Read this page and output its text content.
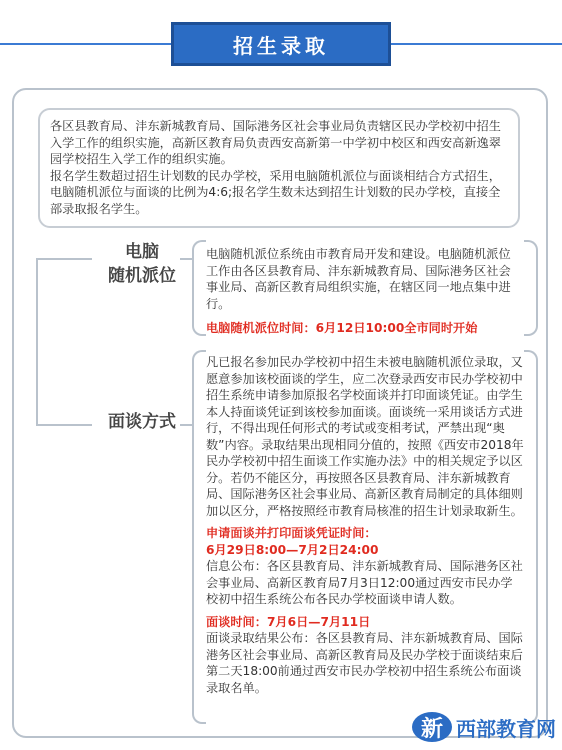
招生录取

各区县教育局、沣东新城教育局、国际港务区社会事业局负责辖区民办学校初中招生入学工作的组织实施，高新区教育局负责西安高新第一中学初中校区和西安高新逸翠园学校招生入学工作的组织实施。

报名学生数超过招生计划数的民办学校，采用电脑随机派位与面谈相结合方式招生，电脑随机派位与面谈的比例为4:6;报名学生数未达到招生计划数的民办学校，直接全部录取报名学生。

电脑
随机派位
面谈方式

电脑随机派位系统由市教育局开发和建设。电脑随机派位工作由各区县教育局、沣东新城教育局、国际港务区社会事业局、高新区教育局组织实施，在辖区同一地点集中进行。

电脑随机派位时间：6月12日10:00全市同时开始

凡已报名参加民办学校初中招生未被电脑随机派位录取，又愿意参加该校面谈的学生，应二次登录西安市民办学校初中招生系统申请参加原报名学校面谈并打印面谈凭证。由学生本人持面谈凭证到该校参加面谈。面谈统一采用谈话方式进行，不得出现任何形式的考试或变相考试，严禁出现“奥数”内容。录取结果出现相同分值的，按照《西安市2018年民办学校初中招生面谈工作实施办法》中的相关规定予以区分。若仍不能区分，再按照各区县教育局、沣东新城教育局、国际港务区社会事业局、高新区教育局制定的具体细则加以区分，严格按照经市教育局核准的招生计划录取新生。

申请面谈并打印面谈凭证时间：

6月29日8:00—7月2日24:00

信息公布：各区县教育局、沣东新城教育局、国际港务区社会事业局、高新区教育局7月3日12:00通过西安市民办学校初中招生系统公布各民办学校面谈申请人数。

面谈时间：7月6日—7月11日

面谈录取结果公布：各区县教育局、沣东新城教育局、国际港务区社会事业局、高新区教育局及民办学校于面谈结束后第二天18:00前通过西安市民办学校初中招生系统公布面谈录取名单。

新 西部教育网
